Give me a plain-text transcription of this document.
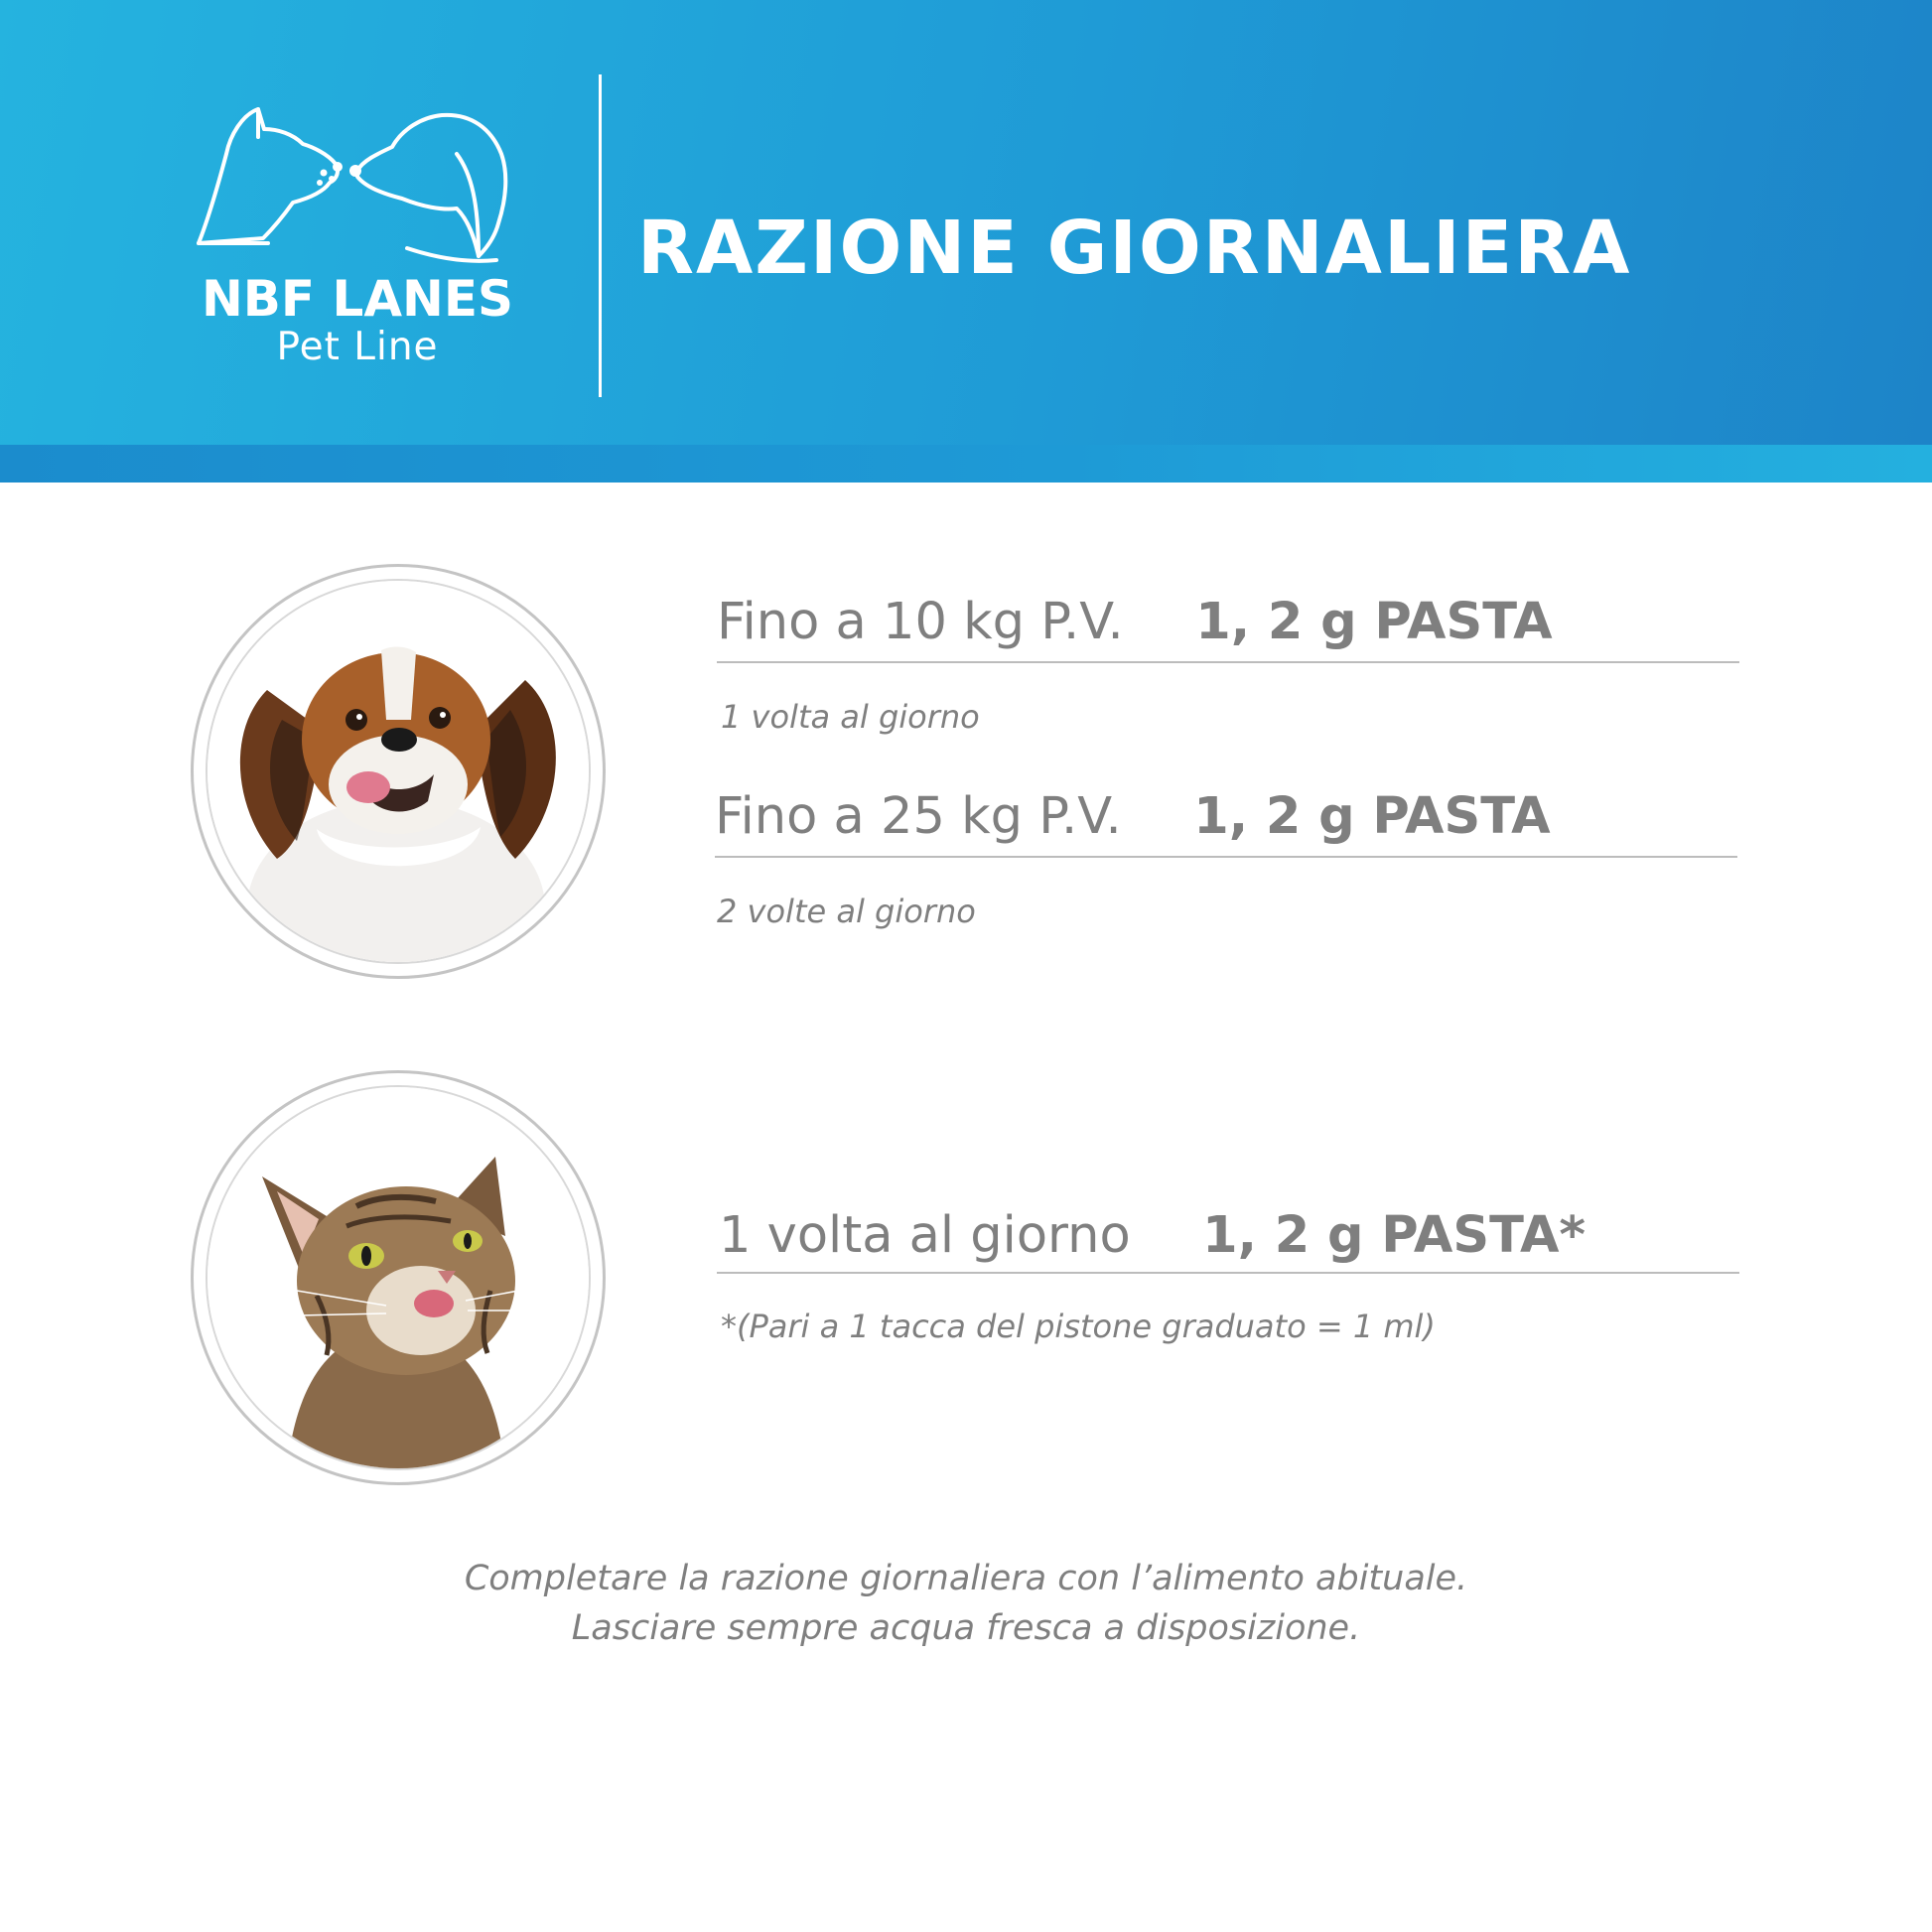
NBF LANES
Pet Line
RAZIONE GIORNALIERA
Fino a 10 kg P.V. 1, 2 g PASTA
1 volta al giorno
Fino a 25 kg P.V. 1, 2 g PASTA
2 volte al giorno
1 volta al giorno 1, 2 g PASTA*
*(Pari a 1 tacca del pistone graduato = 1 ml)
Completare la razione giornaliera con l’alimento abituale.
Lasciare sempre acqua fresca a disposizione.
